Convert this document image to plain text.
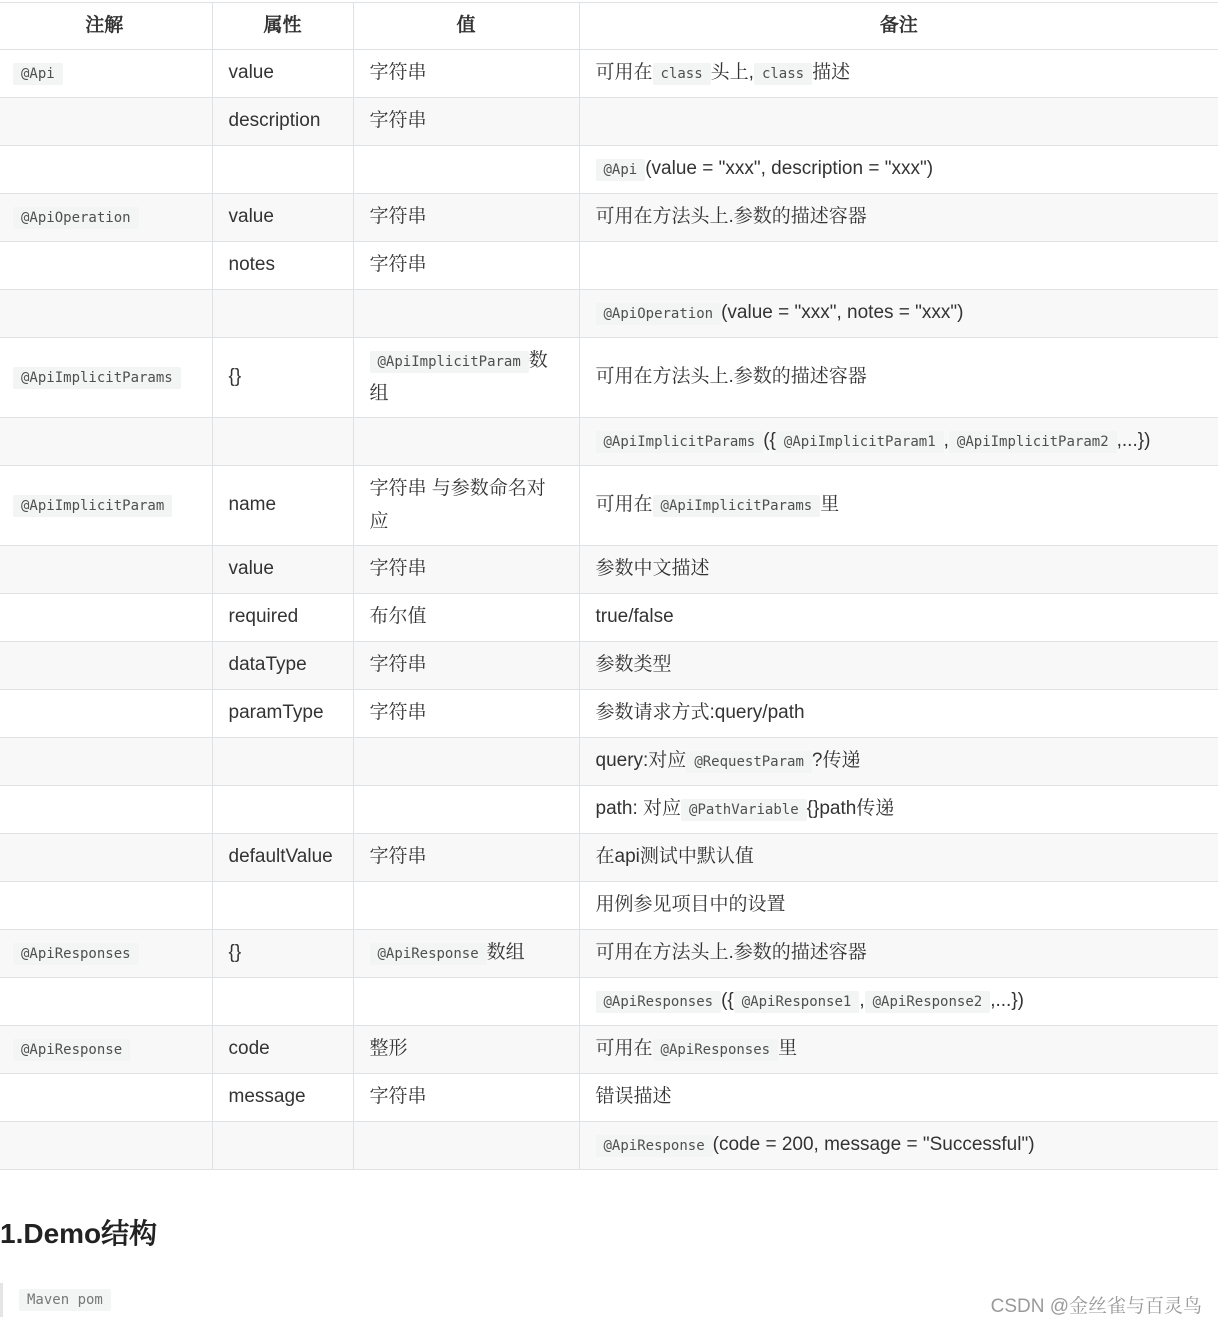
注解	属性	值	备注
@Api	value	字符串	可用在 class 头上, class 描述
	description	字符串	
			@Api (value = "xxx", description = "xxx")
@ApiOperation	value	字符串	可用在方法头上.参数的描述容器
	notes	字符串	
			@ApiOperation (value = "xxx", notes = "xxx")
@ApiImplicitParams	{}	@ApiImplicitParam 数组	可用在方法头上.参数的描述容器
			@ApiImplicitParams ({ @ApiImplicitParam1 , @ApiImplicitParam2 ,...})
@ApiImplicitParam	name	字符串 与参数命名对应	可用在 @ApiImplicitParams 里
	value	字符串	参数中文描述
	required	布尔值	true/false
	dataType	字符串	参数类型
	paramType	字符串	参数请求方式:query/path
			query:对应 @RequestParam ?传递
			path: 对应 @PathVariable {}path传递
	defaultValue	字符串	在api测试中默认值
			用例参见项目中的设置
@ApiResponses	{}	@ApiResponse 数组	可用在方法头上.参数的描述容器
			@ApiResponses ({ @ApiResponse1 , @ApiResponse2 ,...})
@ApiResponse	code	整形	可用在 @ApiResponses 里
	message	字符串	错误描述
			@ApiResponse (code = 200, message = "Successful")
1.Demo结构
Maven pom	CSDN @金丝雀与百灵鸟
